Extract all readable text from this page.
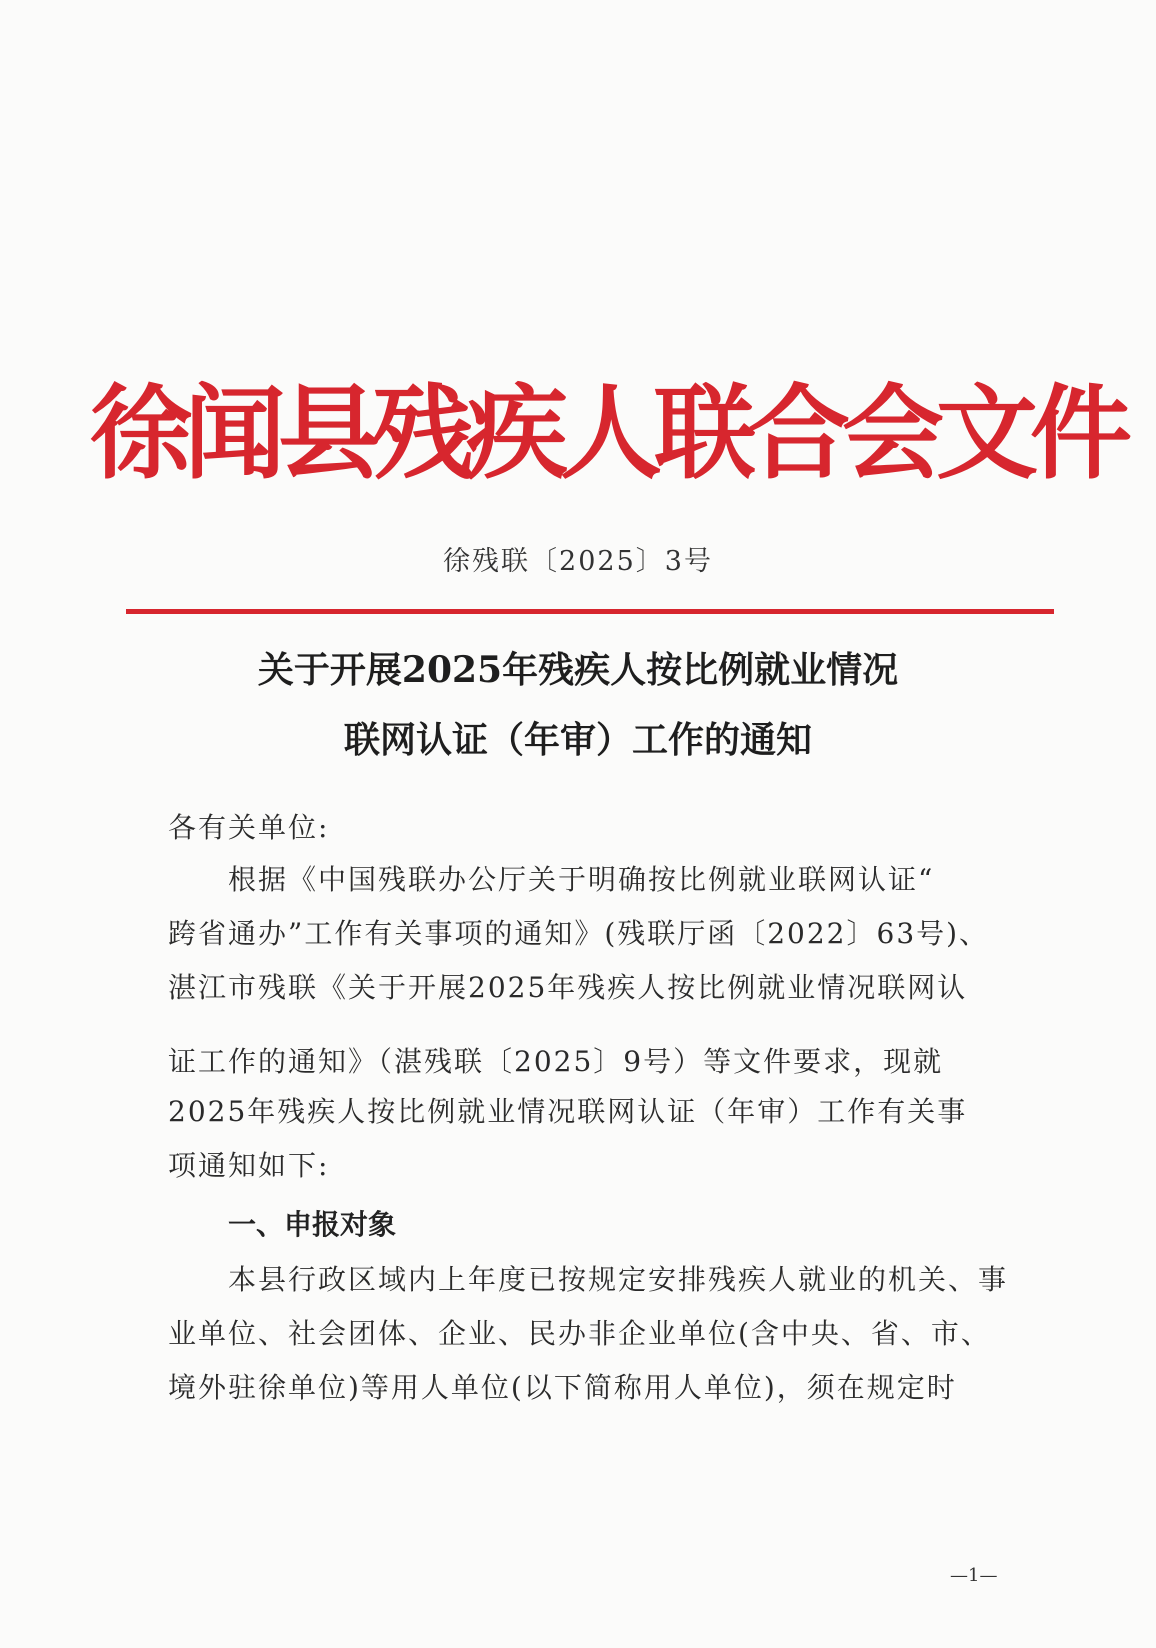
徐闻县残疾人联合会文件
徐残联〔2025〕3号
关于开展2025年残疾人按比例就业情况
联网认证（年审）工作的通知
各有关单位:
　　根据《中国残联办公厅关于明确按比例就业联网认证“
跨省通办”工作有关事项的通知》(残联厅函〔2022〕63号)、
湛江市残联《关于开展2025年残疾人按比例就业情况联网认
证工作的通知》（湛残联〔2025〕9号）等文件要求，现就
2025年残疾人按比例就业情况联网认证（年审）工作有关事
项通知如下:
一、申报对象
　　本县行政区域内上年度已按规定安排残疾人就业的机关、事
业单位、社会团体、企业、民办非企业单位(含中央、省、市、
境外驻徐单位)等用人单位(以下简称用人单位)，须在规定时
—1—
